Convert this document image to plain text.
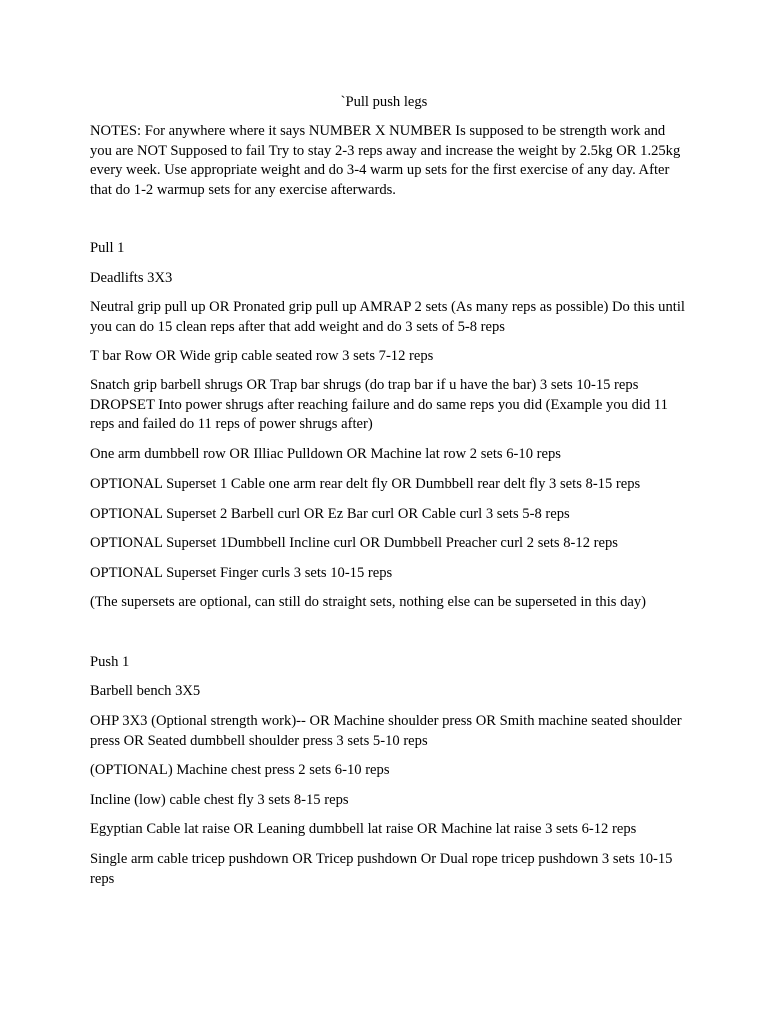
`Pull push legs

NOTES: For anywhere where it says NUMBER X NUMBER Is supposed to be strength work and you are NOT Supposed to fail Try to stay 2-3 reps away and increase the weight by 2.5kg OR 1.25kg every week. Use appropriate weight and do 3-4 warm up sets for the first exercise of any day. After that do 1-2 warmup sets for any exercise afterwards.

Pull 1

Deadlifts 3X3

Neutral grip pull up OR Pronated grip pull up AMRAP 2 sets (As many reps as possible) Do this until you can do 15 clean reps after that add weight and do 3 sets of 5-8 reps

T bar Row OR Wide grip cable seated row 3 sets 7-12 reps

Snatch grip barbell shrugs OR Trap bar shrugs (do trap bar if u have the bar) 3 sets 10-15 reps DROPSET Into power shrugs after reaching failure and do same reps you did (Example you did 11 reps and failed do 11 reps of power shrugs after)

One arm dumbbell row OR Illiac Pulldown OR Machine lat row 2 sets 6-10 reps

OPTIONAL Superset 1 Cable one arm rear delt fly OR Dumbbell rear delt fly 3 sets 8-15 reps

OPTIONAL Superset 2 Barbell curl OR Ez Bar curl OR Cable curl 3 sets 5-8 reps

OPTIONAL Superset 1Dumbbell Incline curl OR Dumbbell Preacher curl 2 sets 8-12 reps

OPTIONAL Superset Finger curls 3 sets 10-15 reps

(The supersets are optional, can still do straight sets, nothing else can be superseted in this day)

Push 1

Barbell bench 3X5

OHP 3X3 (Optional strength work)-- OR Machine shoulder press OR Smith machine seated shoulder press OR Seated dumbbell shoulder press 3 sets 5-10 reps

(OPTIONAL) Machine chest press 2 sets 6-10 reps

Incline (low) cable chest fly 3 sets 8-15 reps

Egyptian Cable lat raise OR Leaning dumbbell lat raise OR Machine lat raise 3 sets 6-12 reps

Single arm cable tricep pushdown OR Tricep pushdown Or Dual rope tricep pushdown 3 sets 10-15 reps
